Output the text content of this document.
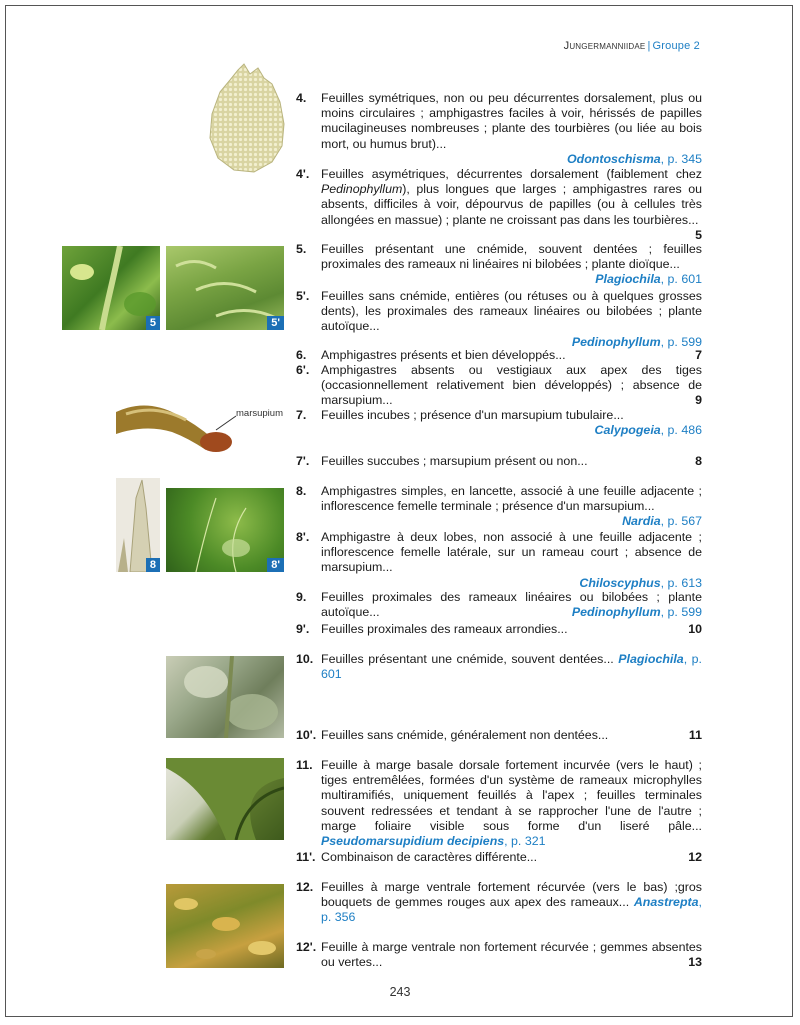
Jungermanniidae | Groupe 2
5	5'
marsupium
8	8'
4.	Feuilles symétriques, non ou peu décurrentes dorsalement, plus ou moins circulaires ; amphigastres faciles à voir, hérissés de papilles mucilagineuses nombreuses ; plante des tourbières (ou liée au bois mort, ou humus brut)...
Odontoschisma , p. 345
4'. Feuilles asymétriques, décurrentes dorsalement (faiblement chez Pedinophyllum), plus longues que larges ; amphigastres rares ou absents, difficiles à voir, dépourvus de papilles (ou à cellules très allongées en massue) ; plante ne croissant pas dans les tourbières...
5
5.	Feuilles présentant une cnémide, souvent dentées ; feuilles proximales des rameaux ni linéaires ni bilobées ; plante dioïque...
Plagiochila , p. 601
5'. Feuilles sans cnémide, entières (ou rétuses ou à quelques grosses dents), les proximales des rameaux linéaires ou bilobées ; plante autoïque...
Pedinophyllum , p. 599
6.	Amphigastres présents et bien développés...	7
6'. Amphigastres absents ou vestigiaux aux apex des tiges (occasionnellement relativement bien développés) ; absence de marsupium...	9
7.	Feuilles incubes ; présence d'un marsupium tubulaire...
Calypogeia , p. 486
7'. Feuilles succubes ; marsupium présent ou non...	8
8.	Amphigastres simples, en lancette, associé à une feuille adjacente ; inflorescence femelle terminale ; présence d'un marsupium...
Nardia , p. 567
8'. Amphigastre à deux lobes, non associé à une feuille adjacente ; inflorescence femelle latérale, sur un rameau court ; absence de marsupium...
Chiloscyphus , p. 613
9.	Feuilles proximales des rameaux linéaires ou bilobées ; plante autoïque...	Pedinophyllum, p. 599
9'. Feuilles proximales des rameaux arrondies...	10
10. Feuilles présentant une cnémide, souvent dentées... Plagiochila, p. 601
10'. Feuilles sans cnémide, généralement non dentées...	11
11. Feuille à marge basale dorsale fortement incurvée (vers le haut) ; tiges entremêlées, formées d'un système de rameaux microphylles multiramifiés, uniquement feuillés à l'apex ; feuilles terminales souvent redressées et tendant à se rapprocher l'une de l'autre ; marge foliaire visible sous forme d'un liseré pâle... Pseudomarsupidium decipiens, p. 321
11'. Combinaison de caractères différente...	12
12. Feuilles à marge ventrale fortement récurvée (vers le bas) ;gros bouquets de gemmes rouges aux apex des rameaux... Anastrepta, p. 356
12'. Feuille à marge ventrale non fortement récurvée ; gemmes absentes ou vertes...	13
243
